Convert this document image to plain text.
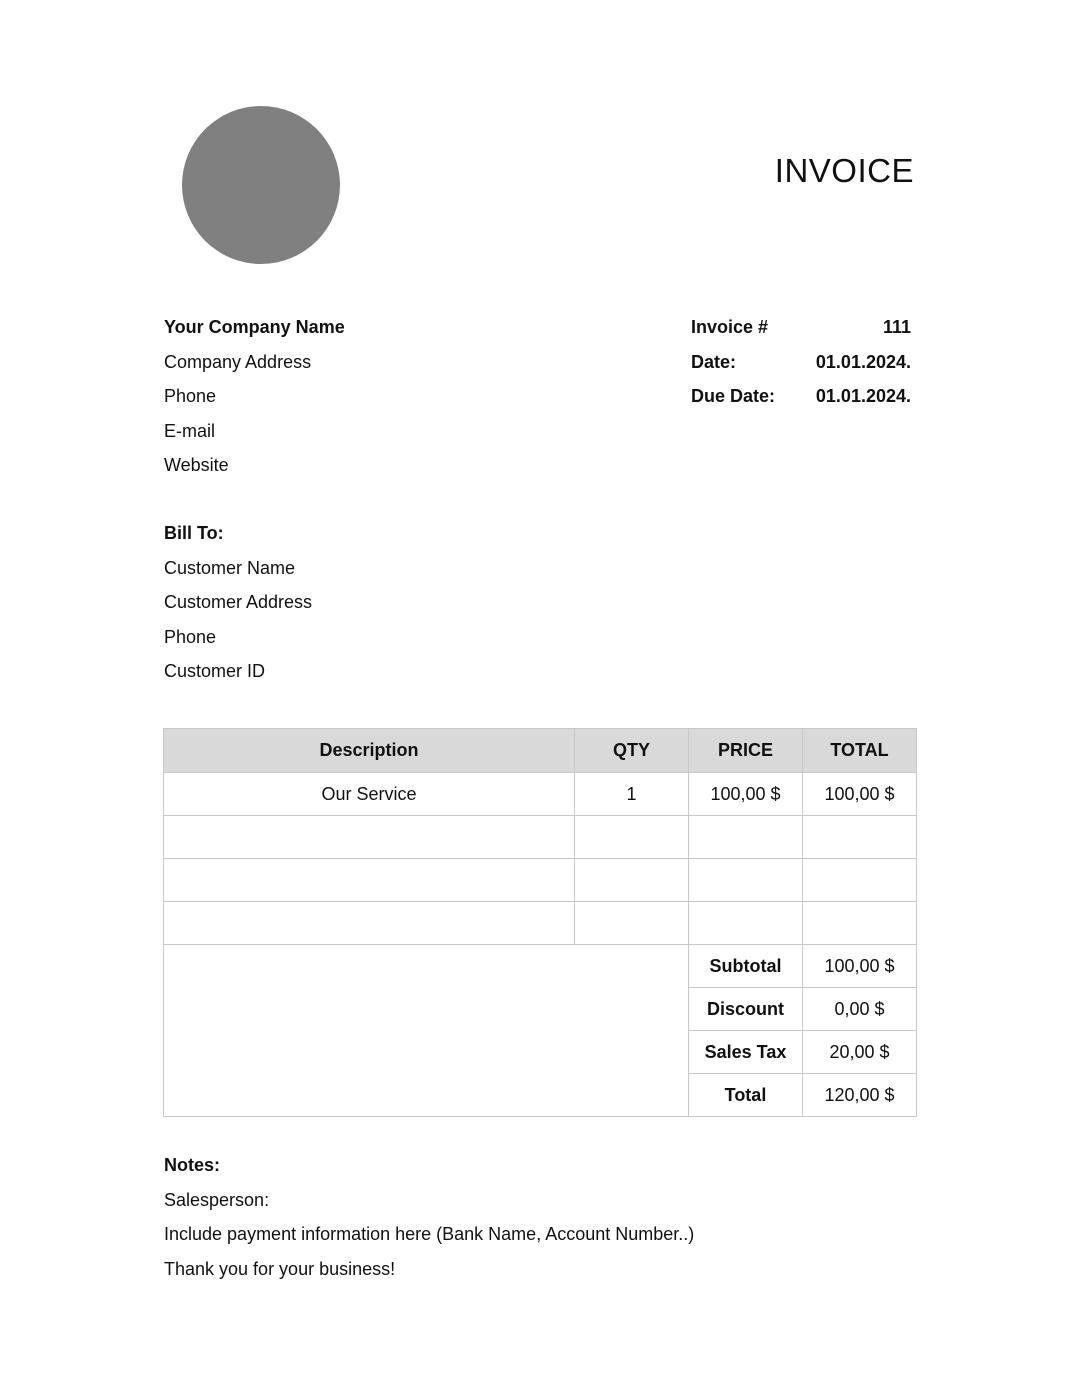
INVOICE
Your Company Name
Company Address
Phone
E-mail
Website
Invoice #	111
Date:	01.01.2024.
Due Date: 01.01.2024.
Bill To:
Customer Name
Customer Address
Phone
Customer ID
Description	QTY	PRICE	TOTAL
Our Service	1	100,00 $	100,00 $

		Subtotal	100,00 $
		Discount	0,00 $
		Sales Tax	20,00 $
		Total	120,00 $
Notes:
Salesperson:
Include payment information here (Bank Name, Account Number..)
Thank you for your business!
